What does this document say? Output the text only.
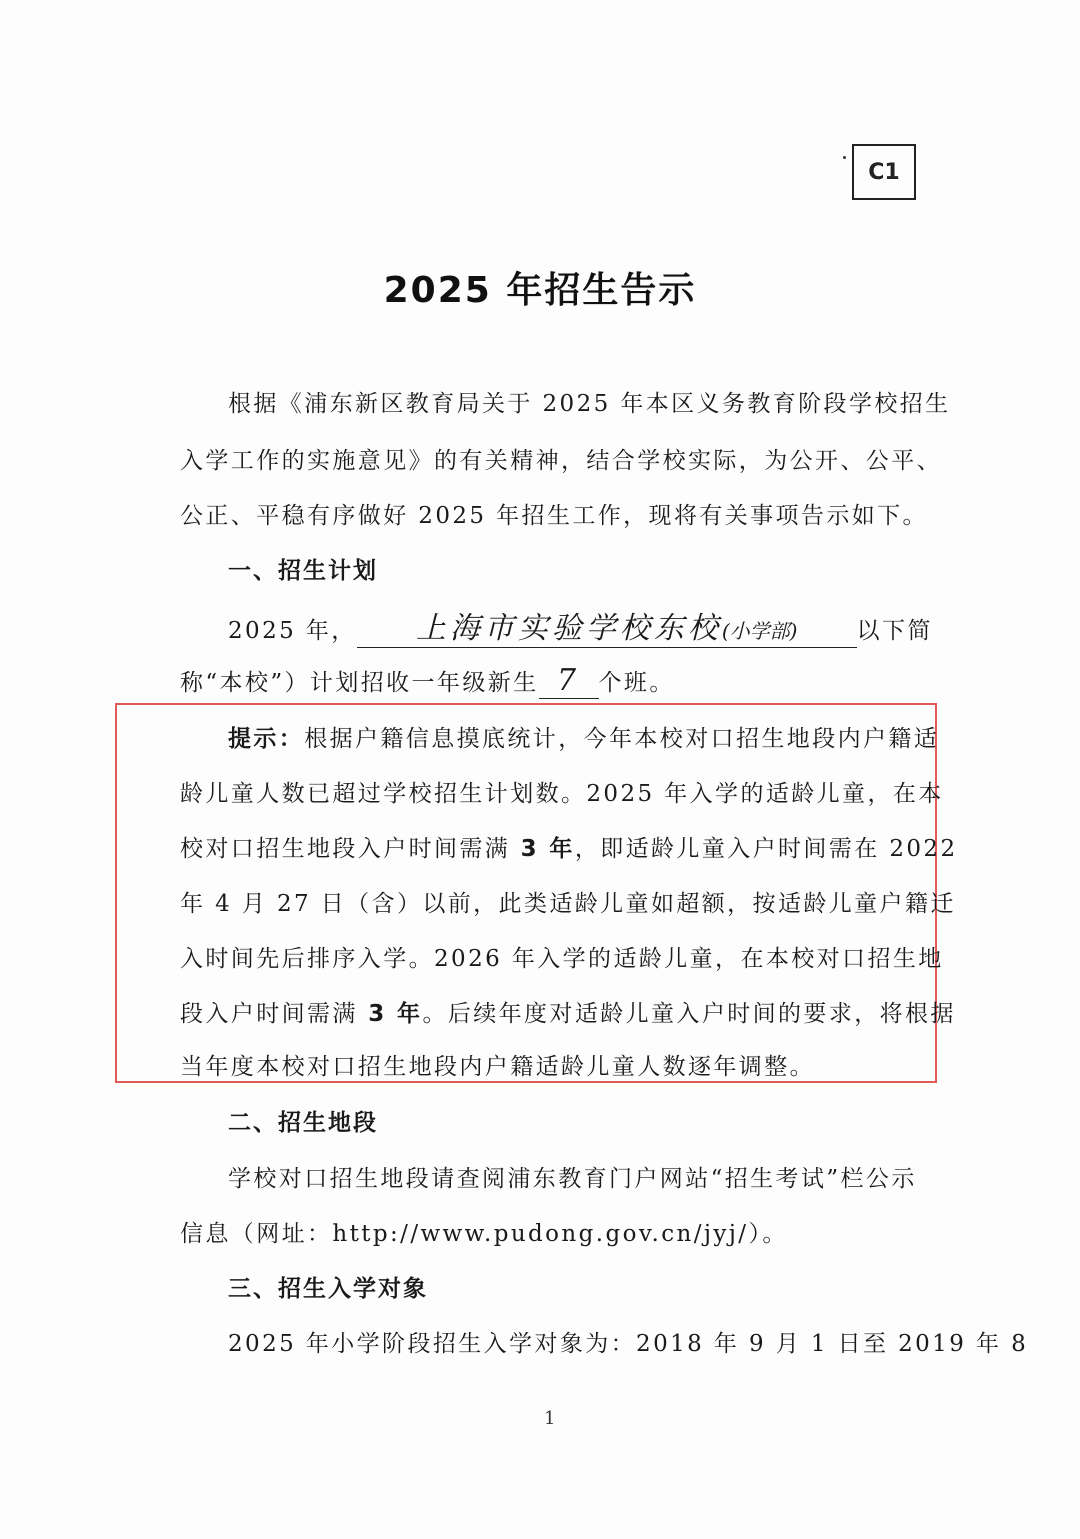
C1
2025 年招生告示
根据《浦东新区教育局关于 2025 年本区义务教育阶段学校招生
入学工作的实施意见》的有关精神，结合学校实际，为公开、公平、
公正、平稳有序做好 2025 年招生工作，现将有关事项告示如下。
一、招生计划
2025 年， 上海市实验学校东校(小学部)	以下简
称“本校”）计划招收一年级新生 7 个班。
提示：根据户籍信息摸底统计，今年本校对口招生地段内户籍适
龄儿童人数已超过学校招生计划数。2025 年入学的适龄儿童，在本
校对口招生地段入户时间需满 3 年，即适龄儿童入户时间需在 2022
年 4 月 27 日（含）以前，此类适龄儿童如超额，按适龄儿童户籍迁
入时间先后排序入学。2026 年入学的适龄儿童，在本校对口招生地
段入户时间需满 3 年。后续年度对适龄儿童入户时间的要求，将根据
当年度本校对口招生地段内户籍适龄儿童人数逐年调整。
二、招生地段
学校对口招生地段请查阅浦东教育门户网站“招生考试”栏公示
信息（网址：http://www.pudong.gov.cn/jyj/）。
三、招生入学对象
2025 年小学阶段招生入学对象为：2018 年 9 月 1 日至 2019 年 8
1
